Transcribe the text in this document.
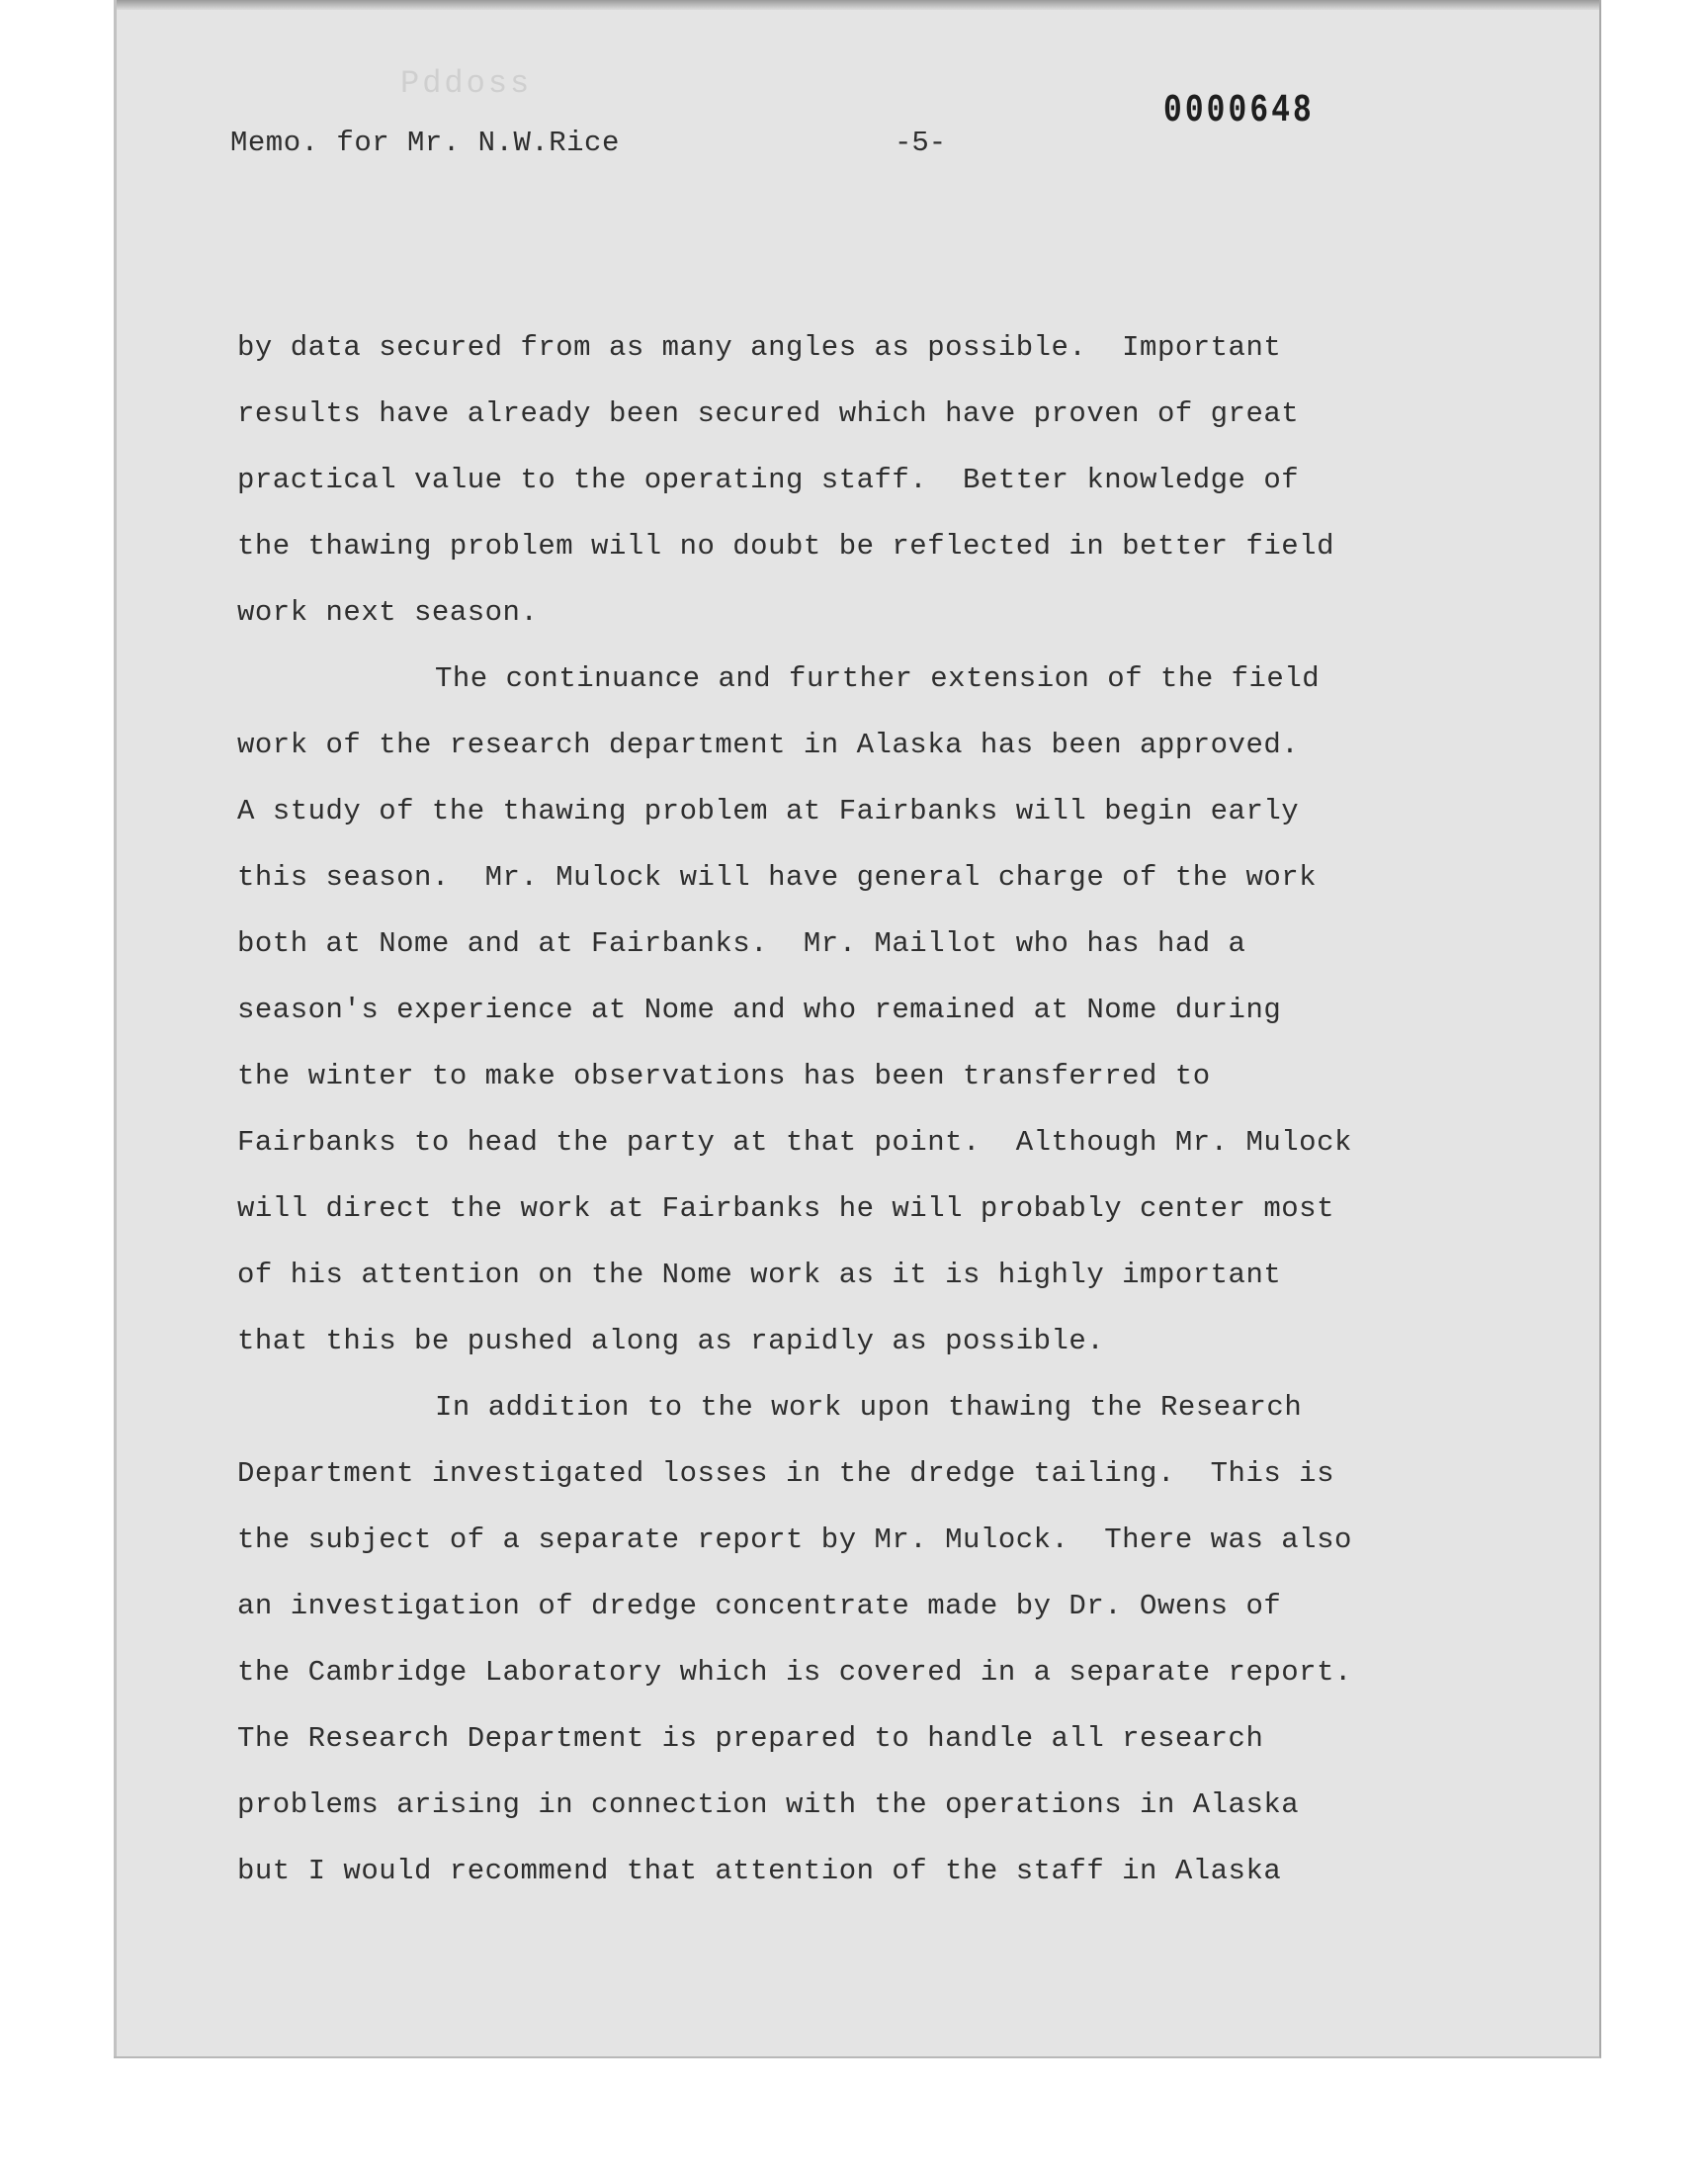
Pddoss
Memo. for Mr. N.W.Rice	-5-
0000648
by data secured from as many angles as possible.  Important
results have already been secured which have proven of great
practical value to the operating staff.  Better knowledge of
the thawing problem will no doubt be reflected in better field
work next season.
The continuance and further extension of the field
work of the research department in Alaska has been approved.
A study of the thawing problem at Fairbanks will begin early
this season.  Mr. Mulock will have general charge of the work
both at Nome and at Fairbanks.  Mr. Maillot who has had a
season's experience at Nome and who remained at Nome during
the winter to make observations has been transferred to
Fairbanks to head the party at that point.  Although Mr. Mulock
will direct the work at Fairbanks he will probably center most
of his attention on the Nome work as it is highly important
that this be pushed along as rapidly as possible.
In addition to the work upon thawing the Research
Department investigated losses in the dredge tailing.  This is
the subject of a separate report by Mr. Mulock.  There was also
an investigation of dredge concentrate made by Dr. Owens of
the Cambridge Laboratory which is covered in a separate report.
The Research Department is prepared to handle all research
problems arising in connection with the operations in Alaska
but I would recommend that attention of the staff in Alaska
